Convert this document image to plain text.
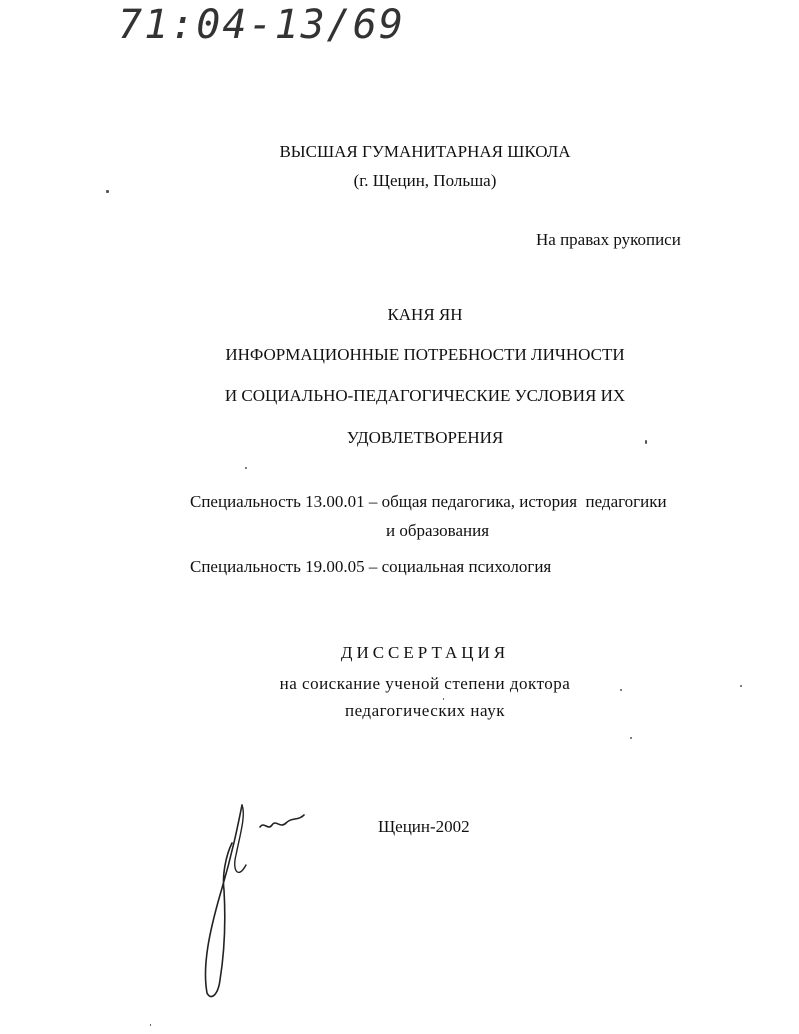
71:04-13/69
ВЫСШАЯ ГУМАНИТАРНАЯ ШКОЛА
(г. Щецин, Польша)
На правах рукописи
КАНЯ ЯН
ИНФОРМАЦИОННЫЕ ПОТРЕБНОСТИ ЛИЧНОСТИ
И СОЦИАЛЬНО-ПЕДАГОГИЧЕСКИЕ УСЛОВИЯ ИХ
УДОВЛЕТВОРЕНИЯ
Специальность 13.00.01 – общая педагогика, история  педагогики
и образования
Специальность 19.00.05 – социальная психология
ДИССЕРТАЦИЯ
на соискание ученой степени доктора
педагогических наук
Щецин-2002
